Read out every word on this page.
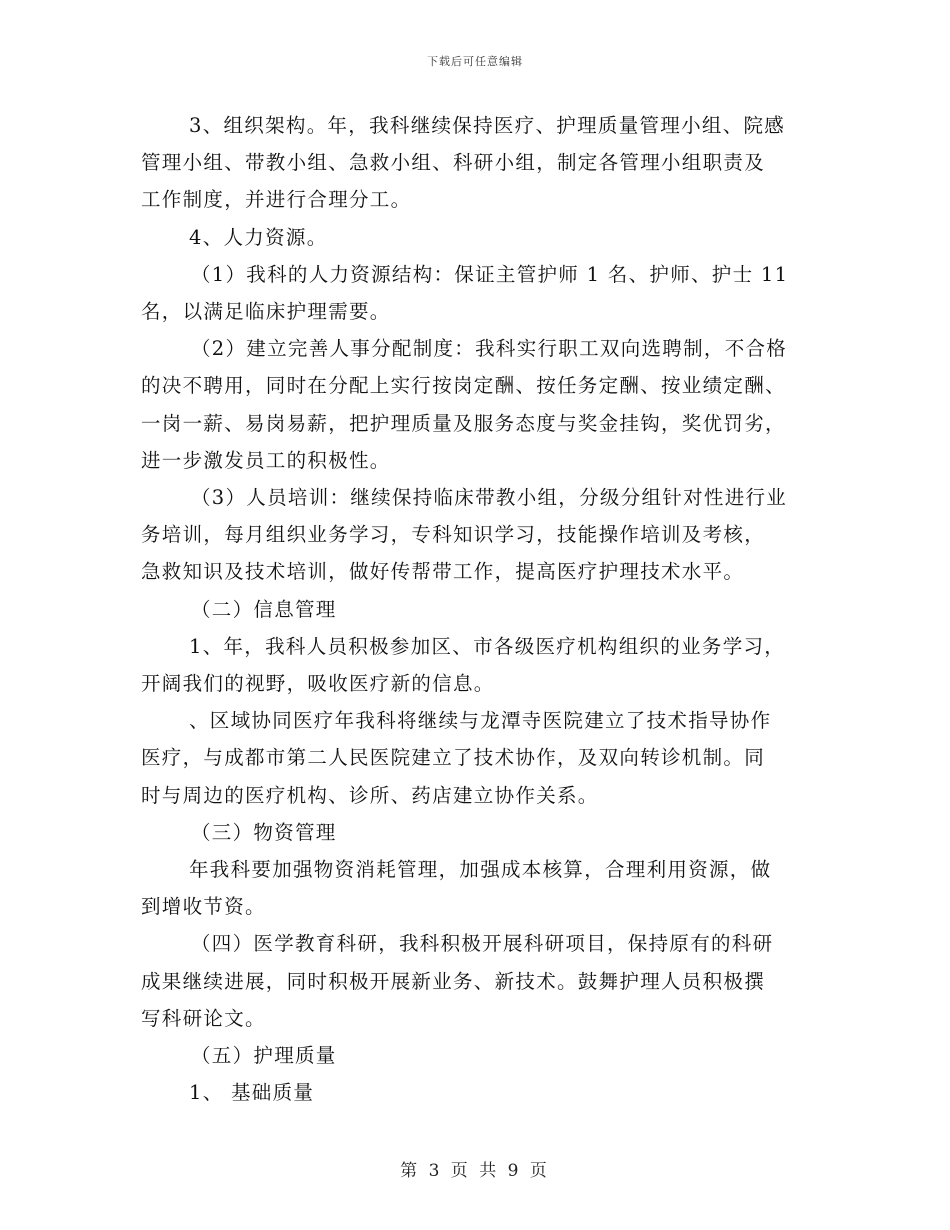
下载后可任意编辑

3、组织架构。年，我科继续保持医疗、护理质量管理小组、院感
管理小组、带教小组、急救小组、科研小组，制定各管理小组职责及
工作制度，并进行合理分工。

4、人力资源。

（1）我科的人力资源结构：保证主管护师 1 名、护师、护士 11
名，以满足临床护理需要。

（2）建立完善人事分配制度：我科实行职工双向选聘制，不合格
的决不聘用，同时在分配上实行按岗定酬、按任务定酬、按业绩定酬、
一岗一薪、易岗易薪，把护理质量及服务态度与奖金挂钩，奖优罚劣，
进一步激发员工的积极性。

（3）人员培训：继续保持临床带教小组，分级分组针对性进行业
务培训，每月组织业务学习，专科知识学习，技能操作培训及考核，
急救知识及技术培训，做好传帮带工作，提高医疗护理技术水平。

（二）信息管理

1、年，我科人员积极参加区、市各级医疗机构组织的业务学习，
开阔我们的视野，吸收医疗新的信息。

、区域协同医疗年我科将继续与龙潭寺医院建立了技术指导协作
医疗，与成都市第二人民医院建立了技术协作，及双向转诊机制。同
时与周边的医疗机构、诊所、药店建立协作关系。

（三）物资管理

年我科要加强物资消耗管理，加强成本核算，合理利用资源，做
到增收节资。

（四）医学教育科研，我科积极开展科研项目，保持原有的科研
成果继续进展，同时积极开展新业务、新技术。鼓舞护理人员积极撰
写科研论文。

（五）护理质量

1、 基础质量

第 3 页 共 9 页
